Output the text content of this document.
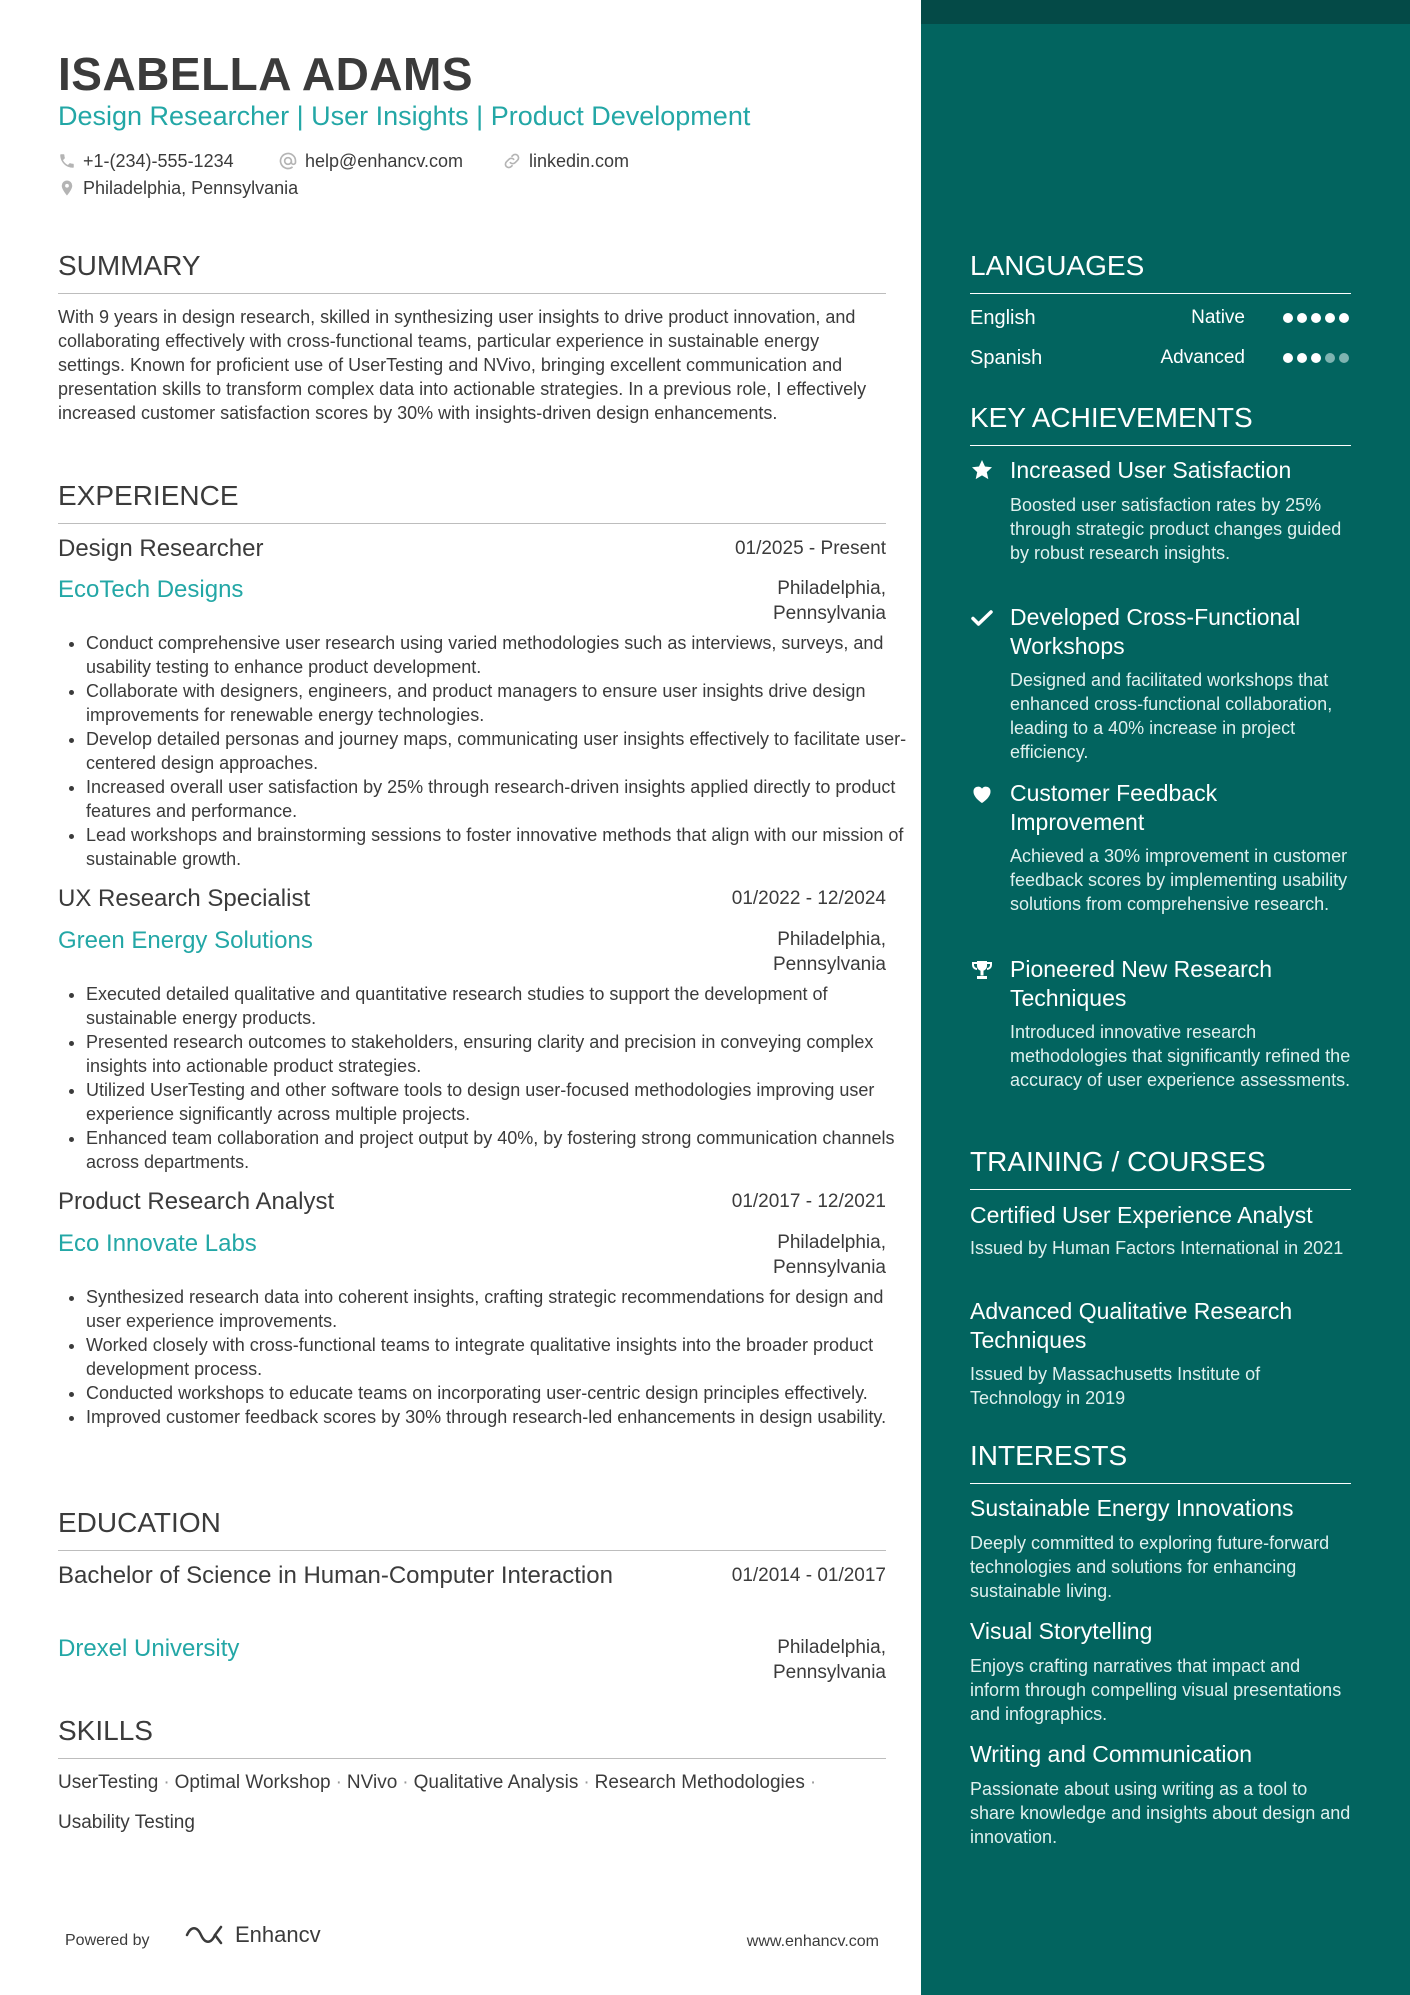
ISABELLA ADAMS
Design Researcher | User Insights | Product Development
+1-(234)-555-1234	help@enhancv.com	linkedin.com
Philadelphia, Pennsylvania
SUMMARY

With 9 years in design research, skilled in synthesizing user insights to drive product innovation, and collaborating effectively with cross-functional teams, particular experience in sustainable energy settings. Known for proficient use of UserTesting and NVivo, bringing excellent communication and presentation skills to transform complex data into actionable strategies. In a previous role, I effectively increased customer satisfaction scores by 30% with insights-driven design enhancements.

EXPERIENCE
Design Researcher	01/2025 - Present
EcoTech Designs	Philadelphia, Pennsylvania
• Conduct comprehensive user research using varied methodologies such as interviews, surveys, and usability testing to enhance product development.
• Collaborate with designers, engineers, and product managers to ensure user insights drive design improvements for renewable energy technologies.
• Develop detailed personas and journey maps, communicating user insights effectively to facilitate user-centered design approaches.
• Increased overall user satisfaction by 25% through research-driven insights applied directly to product features and performance.
• Lead workshops and brainstorming sessions to foster innovative methods that align with our mission of sustainable growth.
UX Research Specialist	01/2022 - 12/2024
Green Energy Solutions	Philadelphia, Pennsylvania
• Executed detailed qualitative and quantitative research studies to support the development of sustainable energy products.
• Presented research outcomes to stakeholders, ensuring clarity and precision in conveying complex insights into actionable product strategies.
• Utilized UserTesting and other software tools to design user-focused methodologies improving user experience significantly across multiple projects.
• Enhanced team collaboration and project output by 40%, by fostering strong communication channels across departments.
Product Research Analyst	01/2017 - 12/2021
Eco Innovate Labs	Philadelphia, Pennsylvania
• Synthesized research data into coherent insights, crafting strategic recommendations for design and user experience improvements.
• Worked closely with cross-functional teams to integrate qualitative insights into the broader product development process.
• Conducted workshops to educate teams on incorporating user-centric design principles effectively.
• Improved customer feedback scores by 30% through research-led enhancements in design usability.
EDUCATION
Bachelor of Science in Human-Computer Interaction	01/2014 - 01/2017
Drexel University	Philadelphia, Pennsylvania
SKILLS
UserTesting · Optimal Workshop · NVivo · Qualitative Analysis · Research Methodologies ·
Usability Testing
Powered by	Enhancv	www.enhancv.com
LANGUAGES
English	Native
Spanish	Advanced
KEY ACHIEVEMENTS
Increased User Satisfaction
Boosted user satisfaction rates by 25% through strategic product changes guided by robust research insights.
Developed Cross-Functional Workshops
Designed and facilitated workshops that enhanced cross-functional collaboration, leading to a 40% increase in project efficiency.
Customer Feedback Improvement
Achieved a 30% improvement in customer feedback scores by implementing usability solutions from comprehensive research.
Pioneered New Research Techniques
Introduced innovative research methodologies that significantly refined the accuracy of user experience assessments.
TRAINING / COURSES
Certified User Experience Analyst
Issued by Human Factors International in 2021
Advanced Qualitative Research Techniques
Issued by Massachusetts Institute of Technology in 2019
INTERESTS
Sustainable Energy Innovations
Deeply committed to exploring future-forward technologies and solutions for enhancing sustainable living.
Visual Storytelling
Enjoys crafting narratives that impact and inform through compelling visual presentations and infographics.
Writing and Communication
Passionate about using writing as a tool to share knowledge and insights about design and innovation.
